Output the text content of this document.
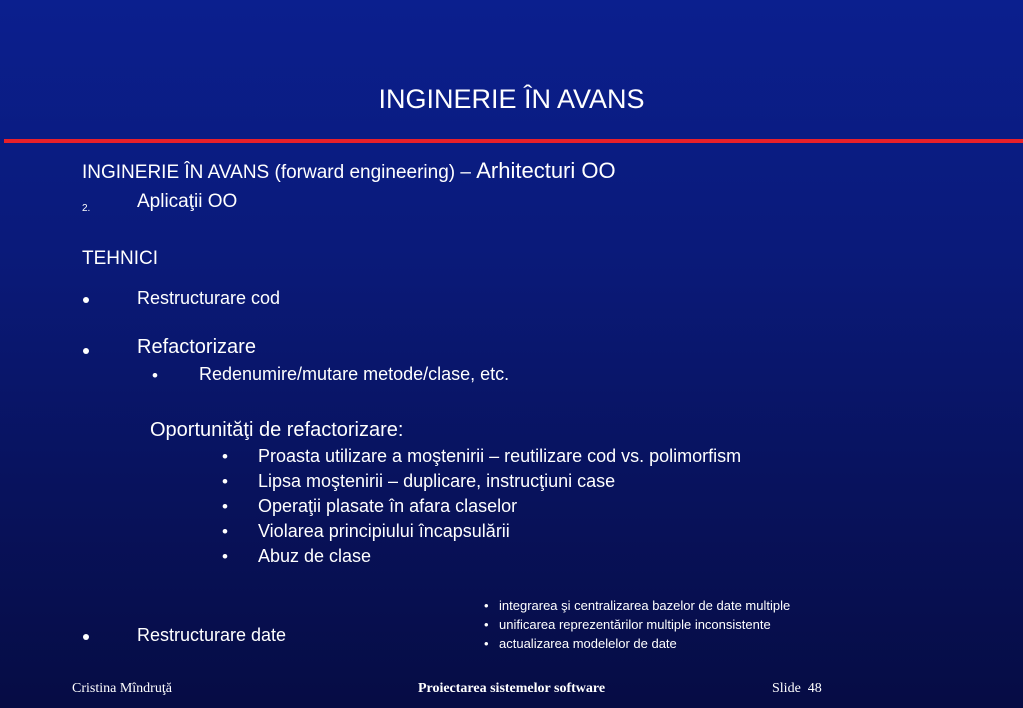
INGINERIE ÎN AVANS
INGINERIE ÎN AVANS (forward engineering) – Arhitecturi OO
2. Aplicaţii OO
TEHNICI
Restructurare cod
Refactorizare
• Redenumire/mutare metode/clase, etc.
Oportunităţi de refactorizare:
• Proasta utilizare a moştenirii – reutilizare cod vs. polimorfism
• Lipsa moştenirii – duplicare, instrucţiuni case
• Operaţii plasate în afara claselor
• Violarea principiului încapsulării
• Abuz de clase
• integrarea şi centralizarea bazelor de date multiple
• unificarea reprezentărilor multiple inconsistente
• actualizarea modelelor de date
Restructurare date
Cristina Mîndruţă	Proiectarea sistemelor software	Slide 48
